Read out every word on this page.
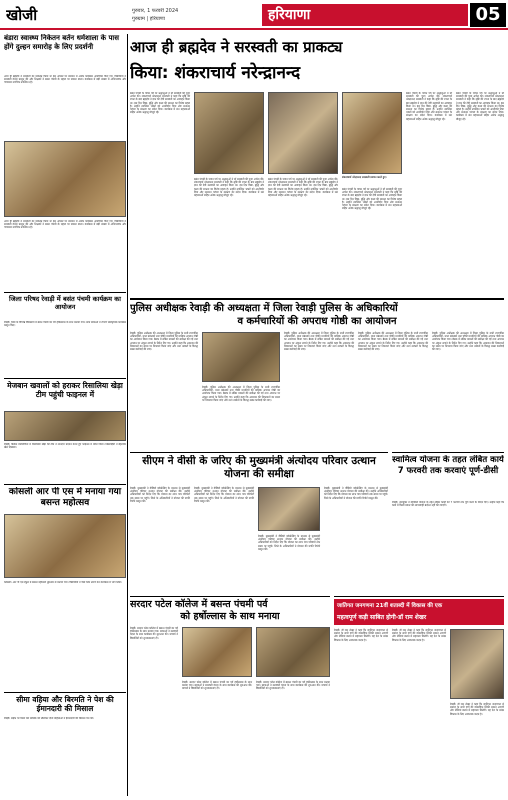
खोजी	गुरुवार, 1 फरवरी 2024
गुरुग्राम | हरियाणा	हरियाणा	05
बंडारा स्वास्थ्य निकेतन बर्तन धर्मशाला के पास होंगे दुल्हन समारोह के लिए प्रदर्शनी
आज ही ब्रह्मदेव ने सरस्वती का प्राकट्य किया था इस अवसर पर संस्थान में अनेक कार्यक्रम आयोजित किए गए। विद्यार्थियों ने सरस्वती वंदना प्रस्तुत की और शिक्षकों ने बसंत पंचमी के महत्व पर प्रकाश डाला। कार्यक्रम में बड़ी संख्या में अभिभावक और गणमान्य नागरिक उपस्थित रहे।
आज ही ब्रह्मदेव ने सरस्वती का प्राकट्य किया था इस अवसर पर संस्थान में अनेक कार्यक्रम आयोजित किए गए। विद्यार्थियों ने सरस्वती वंदना प्रस्तुत की और शिक्षकों ने बसंत पंचमी के महत्व पर प्रकाश डाला। कार्यक्रम में बड़ी संख्या में अभिभावक और गणमान्य नागरिक उपस्थित रहे।
आज ही ब्रह्मदेव ने सरस्वती का प्राकट्य
किया: शंकराचार्य नरेन्द्रानन्द
बसंत पंचमी के पावन पर्व पर श्रद्धालुओं ने माँ सरस्वती की पूजा अर्चना की। शंकराचार्य नरेन्द्रानन्द सरस्वती ने कहा कि सृष्टि की रचना के बाद ब्रह्मदेव ने ज्ञान की देवी सरस्वती का आवाहन किया था। इस दिन विद्या, बुद्धि और कला की साधना का विशेष महत्व है। उन्होंने उपस्थित भक्तों को आशीर्वाद दिया और सनातन परंपरा के संरक्षण का संदेश दिया। कार्यक्रम में संत महात्माओं सहित अनेक श्रद्धालु मौजूद रहे।
बसंत पंचमी के पावन पर्व पर श्रद्धालुओं ने माँ सरस्वती की पूजा अर्चना की। शंकराचार्य नरेन्द्रानन्द सरस्वती ने कहा कि सृष्टि की रचना के बाद ब्रह्मदेव ने ज्ञान की देवी सरस्वती का आवाहन किया था। इस दिन विद्या, बुद्धि और कला की साधना का विशेष महत्व है। उन्होंने उपस्थित भक्तों को आशीर्वाद दिया और सनातन परंपरा के संरक्षण का संदेश दिया। कार्यक्रम में संत महात्माओं सहित अनेक श्रद्धालु मौजूद रहे।
बसंत पंचमी के पावन पर्व पर श्रद्धालुओं ने माँ सरस्वती की पूजा अर्चना की। शंकराचार्य नरेन्द्रानन्द सरस्वती ने कहा कि सृष्टि की रचना के बाद ब्रह्मदेव ने ज्ञान की देवी सरस्वती का आवाहन किया था। इस दिन विद्या, बुद्धि और कला की साधना का विशेष महत्व है। उन्होंने उपस्थित भक्तों को आशीर्वाद दिया और सनातन परंपरा के संरक्षण का संदेश दिया। कार्यक्रम में संत महात्माओं सहित अनेक श्रद्धालु मौजूद रहे।
शंकराचार्य नरेन्द्रानन्द सरस्वती प्रवचन करते हुए।
बसंत पंचमी के पावन पर्व पर श्रद्धालुओं ने माँ सरस्वती की पूजा अर्चना की। शंकराचार्य नरेन्द्रानन्द सरस्वती ने कहा कि सृष्टि की रचना के बाद ब्रह्मदेव ने ज्ञान की देवी सरस्वती का आवाहन किया था। इस दिन विद्या, बुद्धि और कला की साधना का विशेष महत्व है। उन्होंने उपस्थित भक्तों को आशीर्वाद दिया और सनातन परंपरा के संरक्षण का संदेश दिया। कार्यक्रम में संत महात्माओं सहित अनेक श्रद्धालु मौजूद रहे।
बसंत पंचमी के पावन पर्व पर श्रद्धालुओं ने माँ सरस्वती की पूजा अर्चना की। शंकराचार्य नरेन्द्रानन्द सरस्वती ने कहा कि सृष्टि की रचना के बाद ब्रह्मदेव ने ज्ञान की देवी सरस्वती का आवाहन किया था। इस दिन विद्या, बुद्धि और कला की साधना का विशेष महत्व है। उन्होंने उपस्थित भक्तों को आशीर्वाद दिया और सनातन परंपरा के संरक्षण का संदेश दिया। कार्यक्रम में संत महात्माओं सहित अनेक श्रद्धालु मौजूद रहे।
बसंत पंचमी के पावन पर्व पर श्रद्धालुओं ने माँ सरस्वती की पूजा अर्चना की। शंकराचार्य नरेन्द्रानन्द सरस्वती ने कहा कि सृष्टि की रचना के बाद ब्रह्मदेव ने ज्ञान की देवी सरस्वती का आवाहन किया था। इस दिन विद्या, बुद्धि और कला की साधना का विशेष महत्व है। उन्होंने उपस्थित भक्तों को आशीर्वाद दिया और सनातन परंपरा के संरक्षण का संदेश दिया। कार्यक्रम में संत महात्माओं सहित अनेक श्रद्धालु मौजूद रहे।
जिला परिषद रेवाड़ी में बसंत पंचमी कार्यक्रम का आयोजन
रेवाड़ी। जिले के विभिन्न विद्यालयों में बसंत पंचमी का पर्व हर्षोल्लास के साथ मनाया गया। छात्र छात्राओं ने रंगारंग सांस्कृतिक कार्यक्रम प्रस्तुत किए।
मेजबान खवालों को हराकर रिसालिया खेड़ा टीम पहुंची फाइनल में
रेवाड़ी। क्रिकेट प्रतियोगिता में रिसालिया खेड़ा की टीम ने शानदार प्रदर्शन करते हुए फाइनल में प्रवेश किया। खिलाड़ियों ने बेहतरीन खेल दिखाया।
कोसली आर पी एस में मनाया गया बसन्त महोत्सव
कोसली। आर पी एस स्कूल में बसन्त महोत्सव धूमधाम से मनाया गया। विद्यार्थियों ने पीले वस्त्र धारण कर कार्यक्रम में भाग लिया।
सीमा वहिया और बिरमति ने पेश की ईमानदारी की मिसाल
रेवाड़ी। सड़क पर मिला पर्स मालिक को लौटाकर दोनों महिलाओं ने ईमानदारी की मिसाल पेश की।
पुलिस अधीक्षक रेवाड़ी की अध्यक्षता में जिला रेवाड़ी पुलिस के अधिकारियों
व कर्मचारियों की अपराध गोष्ठी का आयोजन
रेवाड़ी। पुलिस अधीक्षक की अध्यक्षता में जिला पुलिस के सभी राजपत्रित अधिकारियों, थाना प्रबंधकों तथा चौकी प्रभारियों की मासिक अपराध गोष्ठी का आयोजन किया गया। बैठक में लंबित मामलों की समीक्षा की गई तथा अपराध पर अंकुश लगाने के निर्देश दिए गए। उन्होंने कहा कि आमजन की शिकायतों का समय पर निपटारा किया जाए और नशा तस्करों के विरुद्ध सख्त कार्रवाई की जाए।
रेवाड़ी। पुलिस अधीक्षक की अध्यक्षता में जिला पुलिस के सभी राजपत्रित अधिकारियों, थाना प्रबंधकों तथा चौकी प्रभारियों की मासिक अपराध गोष्ठी का आयोजन किया गया। बैठक में लंबित मामलों की समीक्षा की गई तथा अपराध पर अंकुश लगाने के निर्देश दिए गए। उन्होंने कहा कि आमजन की शिकायतों का समय पर निपटारा किया जाए और नशा तस्करों के विरुद्ध सख्त कार्रवाई की जाए।
रेवाड़ी। पुलिस अधीक्षक की अध्यक्षता में जिला पुलिस के सभी राजपत्रित अधिकारियों, थाना प्रबंधकों तथा चौकी प्रभारियों की मासिक अपराध गोष्ठी का आयोजन किया गया। बैठक में लंबित मामलों की समीक्षा की गई तथा अपराध पर अंकुश लगाने के निर्देश दिए गए। उन्होंने कहा कि आमजन की शिकायतों का समय पर निपटारा किया जाए और नशा तस्करों के विरुद्ध सख्त कार्रवाई की जाए।
रेवाड़ी। पुलिस अधीक्षक की अध्यक्षता में जिला पुलिस के सभी राजपत्रित अधिकारियों, थाना प्रबंधकों तथा चौकी प्रभारियों की मासिक अपराध गोष्ठी का आयोजन किया गया। बैठक में लंबित मामलों की समीक्षा की गई तथा अपराध पर अंकुश लगाने के निर्देश दिए गए। उन्होंने कहा कि आमजन की शिकायतों का समय पर निपटारा किया जाए और नशा तस्करों के विरुद्ध सख्त कार्रवाई की जाए।
रेवाड़ी। पुलिस अधीक्षक की अध्यक्षता में जिला पुलिस के सभी राजपत्रित अधिकारियों, थाना प्रबंधकों तथा चौकी प्रभारियों की मासिक अपराध गोष्ठी का आयोजन किया गया। बैठक में लंबित मामलों की समीक्षा की गई तथा अपराध पर अंकुश लगाने के निर्देश दिए गए। उन्होंने कहा कि आमजन की शिकायतों का समय पर निपटारा किया जाए और नशा तस्करों के विरुद्ध सख्त कार्रवाई की जाए।
सीएम ने वीसी के जरिए की मुख्यमंत्री अंत्योदय परिवार उत्थान योजना की समीक्षा
रेवाड़ी। मुख्यमंत्री ने वीडियो कॉन्फ्रेंसिंग के माध्यम से मुख्यमंत्री अंत्योदय परिवार उत्थान योजना की समीक्षा की। उन्होंने अधिकारियों को निर्देश दिए कि योजना का लाभ पात्र परिवारों तक समय पर पहुंचे। जिले के अधिकारियों ने योजना की प्रगति रिपोर्ट प्रस्तुत की।
रेवाड़ी। मुख्यमंत्री ने वीडियो कॉन्फ्रेंसिंग के माध्यम से मुख्यमंत्री अंत्योदय परिवार उत्थान योजना की समीक्षा की। उन्होंने अधिकारियों को निर्देश दिए कि योजना का लाभ पात्र परिवारों तक समय पर पहुंचे। जिले के अधिकारियों ने योजना की प्रगति रिपोर्ट प्रस्तुत की।
रेवाड़ी। मुख्यमंत्री ने वीडियो कॉन्फ्रेंसिंग के माध्यम से मुख्यमंत्री अंत्योदय परिवार उत्थान योजना की समीक्षा की। उन्होंने अधिकारियों को निर्देश दिए कि योजना का लाभ पात्र परिवारों तक समय पर पहुंचे। जिले के अधिकारियों ने योजना की प्रगति रिपोर्ट प्रस्तुत की।
रेवाड़ी। मुख्यमंत्री ने वीडियो कॉन्फ्रेंसिंग के माध्यम से मुख्यमंत्री अंत्योदय परिवार उत्थान योजना की समीक्षा की। उन्होंने अधिकारियों को निर्देश दिए कि योजना का लाभ पात्र परिवारों तक समय पर पहुंचे। जिले के अधिकारियों ने योजना की प्रगति रिपोर्ट प्रस्तुत की।
स्वामित्व योजना के तहत लंबित कार्य 7 फरवरी तक करवाएं पूर्ण-डीसी
रेवाड़ी। उपायुक्त ने स्वामित्व योजना के तहत लंबित कार्यों को 7 फरवरी तक पूर्ण करने के निर्देश दिए। उन्होंने कहा कि कार्य में किसी प्रकार की लापरवाही बर्दाश्त नहीं की जाएगी।
सरदार पटेल कॉलेज में बसन्त पंचमी पर्व
को हर्षोल्लास के साथ मनाया
रेवाड़ी। सरदार पटेल कॉलेज में बसन्त पंचमी का पर्व हर्षोल्लास के साथ मनाया गया। छात्राओं ने सरस्वती वंदना के साथ कार्यक्रम की शुरुआत की। प्राचार्य ने विद्यार्थियों को शुभकामनाएं दीं।
रेवाड़ी। सरदार पटेल कॉलेज में बसन्त पंचमी का पर्व हर्षोल्लास के साथ मनाया गया। छात्राओं ने सरस्वती वंदना के साथ कार्यक्रम की शुरुआत की। प्राचार्य ने विद्यार्थियों को शुभकामनाएं दीं।
रेवाड़ी। सरदार पटेल कॉलेज में बसन्त पंचमी का पर्व हर्षोल्लास के साथ मनाया गया। छात्राओं ने सरस्वती वंदना के साथ कार्यक्रम की शुरुआत की। प्राचार्य ने विद्यार्थियों को शुभकामनाएं दीं।
जातिगत जनगणना 21वीं शताब्दी में विकास की एक
महत्वपूर्ण कड़ी साबित होगी-डॉ राम शेखर
रेवाड़ी। डॉ राम शेखर ने कहा कि जातिगत जनगणना से समाज के सभी वर्गों की वास्तविक स्थिति सामने आएगी और नीतियां बनाने में सहायता मिलेगी। यह देश के समग्र विकास के लिए आवश्यक कदम है।
रेवाड़ी। डॉ राम शेखर ने कहा कि जातिगत जनगणना से समाज के सभी वर्गों की वास्तविक स्थिति सामने आएगी और नीतियां बनाने में सहायता मिलेगी। यह देश के समग्र विकास के लिए आवश्यक कदम है।
रेवाड़ी। डॉ राम शेखर ने कहा कि जातिगत जनगणना से समाज के सभी वर्गों की वास्तविक स्थिति सामने आएगी और नीतियां बनाने में सहायता मिलेगी। यह देश के समग्र विकास के लिए आवश्यक कदम है।
